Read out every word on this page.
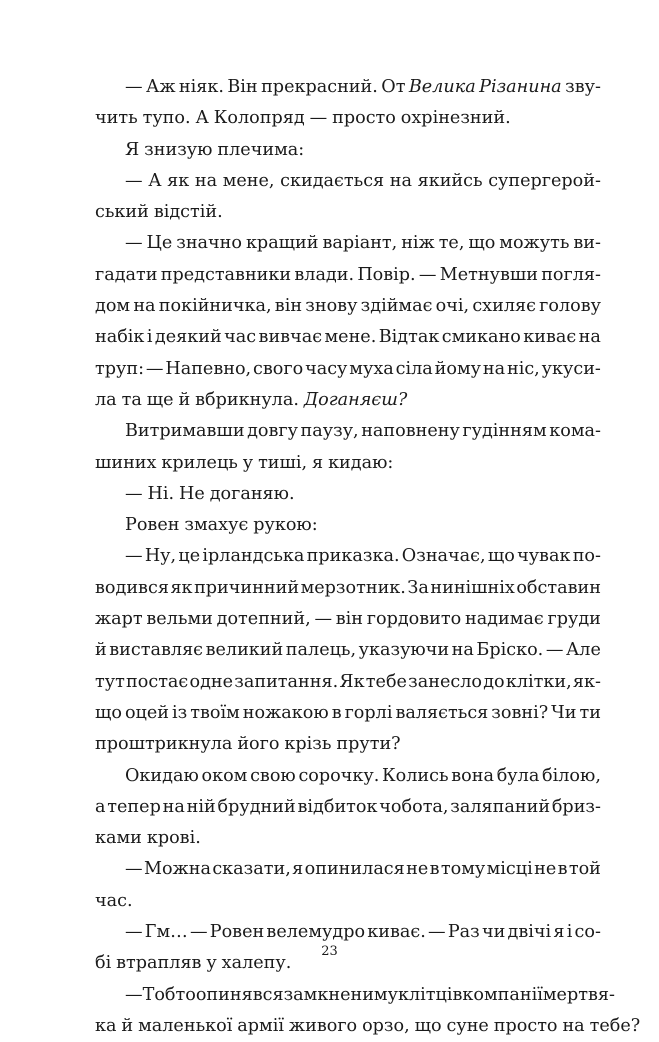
— Аж ніяк. Він прекрасний. От Велика Різанина зву-
чить тупо. А Колопряд — просто охрінезний.
Я знизую плечима:
— А як на мене, скидається на якийсь супергерой-
ський відстій.
— Це значно кращий варіант, ніж те, що можуть ви-
гадати представники влади. Повір. — Метнувши погля-
дом на покійничка, він знову здіймає очі, схиляє голову
набік і деякий час вивчає мене. Відтак смикано киває на
труп: — Напевно, свого часу муха сіла йому на ніс, укуси-
ла та ще й вбрикнула. Доганяєш?
Витримавши довгу паузу, наповнену гудінням кома-
шиних крилець у тиші, я кидаю:
— Ні. Не доганяю.
Ровен змахує рукою:
— Ну, це ірландська приказка. Означає, що чувак по-
водився як причинний мерзотник. За нинішніх обставин
жарт вельми дотепний, — він гордовито надимає груди
й виставляє великий палець, указуючи на Бріско. — Але
тут постає одне запитання. Як тебе занесло до клітки, як-
що оцей із твоїм ножакою в горлі валяється зовні? Чи ти
проштрикнула його крізь прути?
Окидаю оком свою сорочку. Колись вона була білою,
а тепер на ній брудний відбиток чобота, заляпаний бриз-
ками крові.
— Можна сказати, я опинилася не в тому місці не в той
час.
— Гм… — Ровен велемудро киває. — Раз чи двічі я і со-
бі втрапляв у халепу.
— Тобто опинявся замкненим у клітці в компанії мертвя-
ка й маленької армії живого орзо, що суне просто на тебе?
23
